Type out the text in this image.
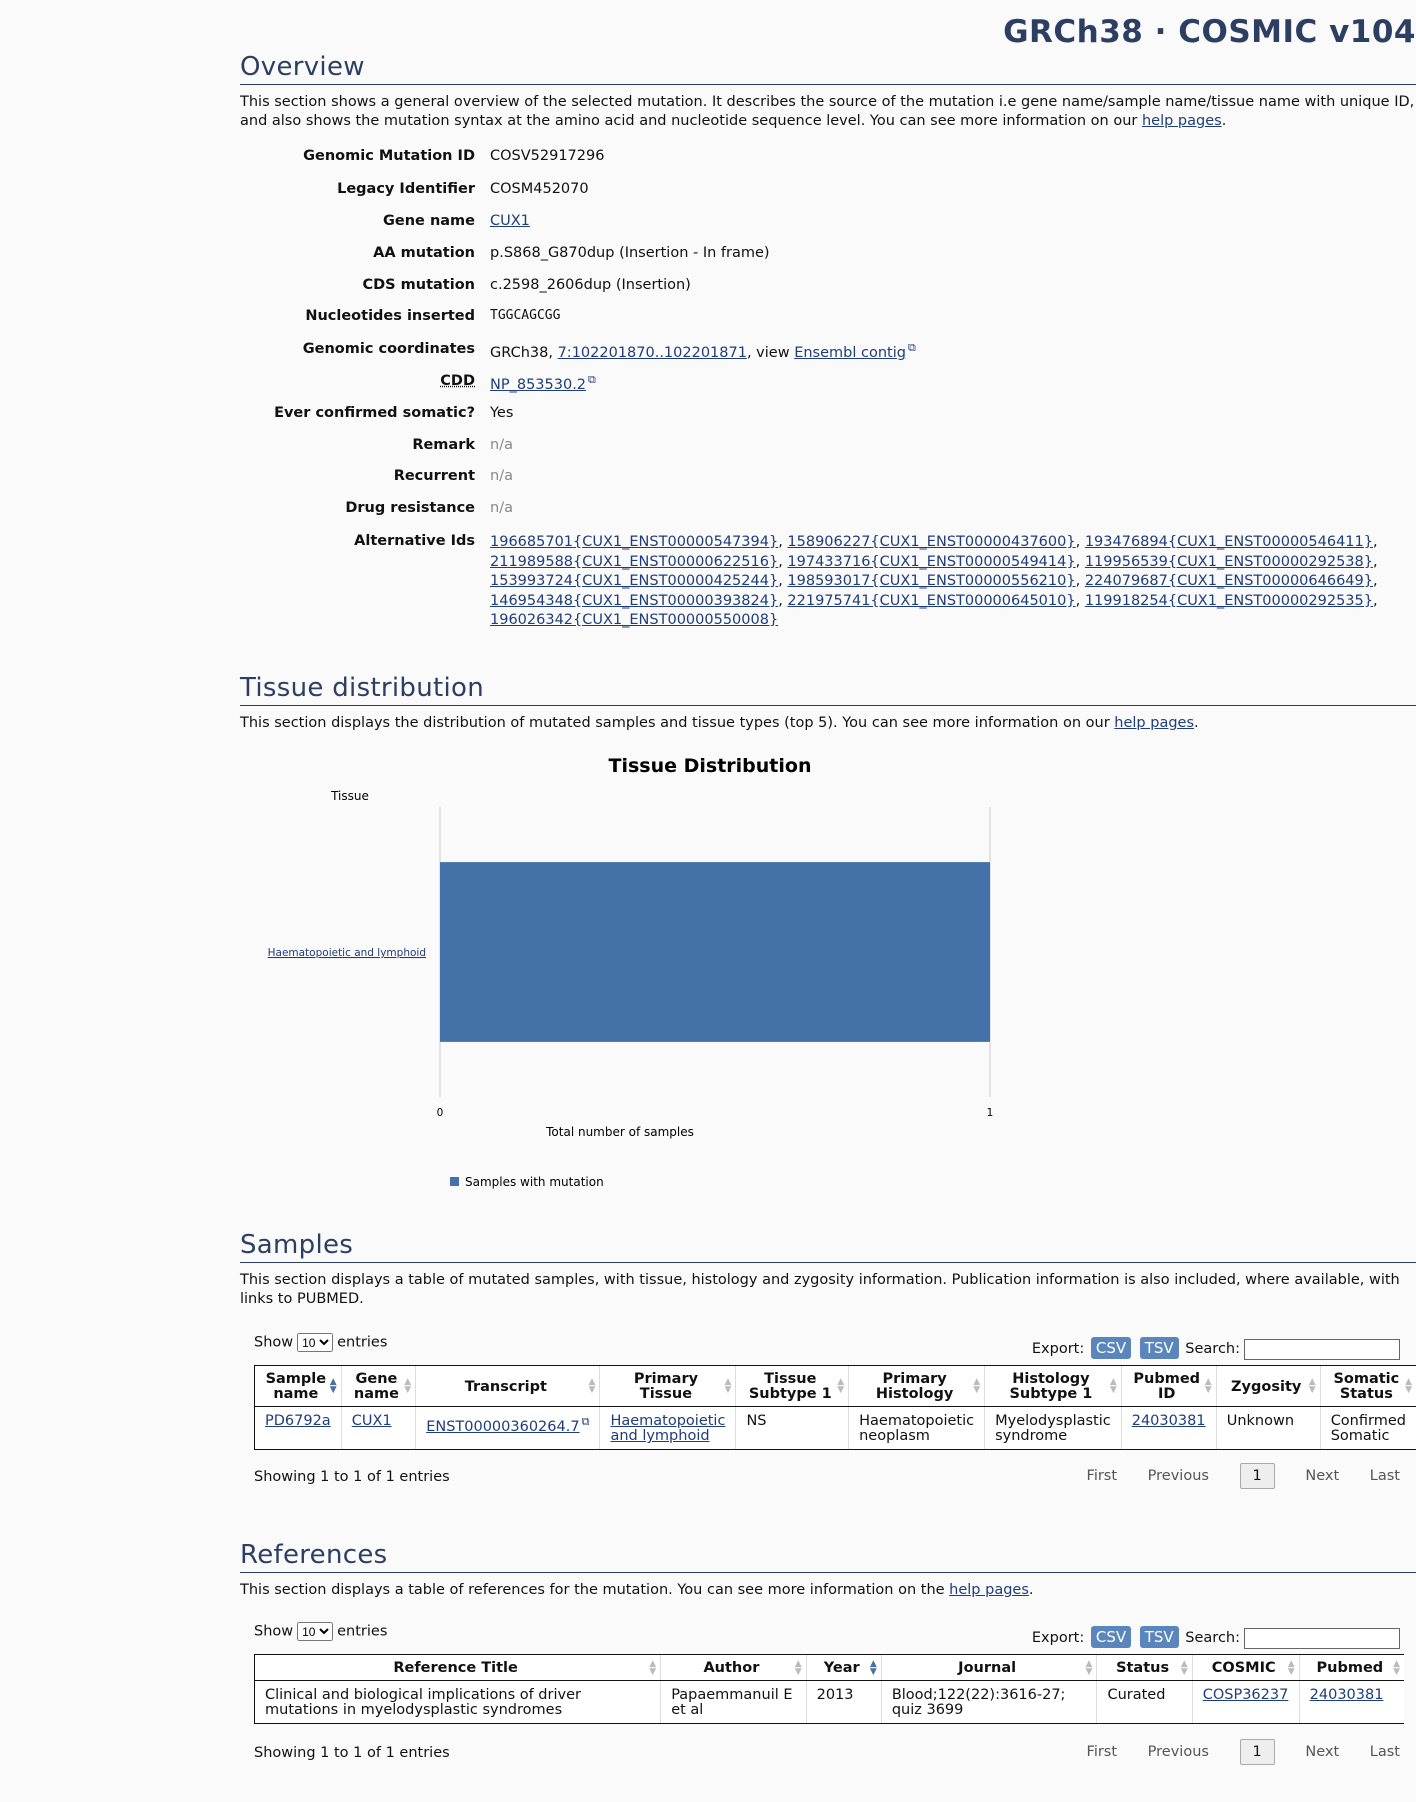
GRCh38 · COSMIC v104
Overview

This section shows a general overview of the selected mutation. It describes the source of the mutation i.e gene name/sample name/tissue name with unique ID, and also shows the mutation syntax at the amino acid and nucleotide sequence level. You can see more information on our help pages.

Genomic Mutation ID COSV52917296
Legacy Identifier COSM452070
Gene name CUX1
AA mutation p.S868_G870dup (Insertion - In frame)
CDS mutation c.2598_2606dup (Insertion)
Nucleotides inserted TGGCAGCGG
Genomic coordinates GRCh38, 7:102201870..102201871, view Ensembl contig ⧉
CDD NP_853530.2 ⧉
Ever confirmed somatic? Yes
Remark n/a
Recurrent n/a
Drug resistance n/a
Alternative Ids 196685701{CUX1_ENST00000547394}, 158906227{CUX1_ENST00000437600}, 193476894{CUX1_ENST00000546411},
211989588{CUX1_ENST00000622516}, 197433716{CUX1_ENST00000549414}, 119956539{CUX1_ENST00000292538},
153993724{CUX1_ENST00000425244}, 198593017{CUX1_ENST00000556210}, 224079687{CUX1_ENST00000646649},
146954348{CUX1_ENST00000393824}, 221975741{CUX1_ENST00000645010}, 119918254{CUX1_ENST00000292535},
196026342{CUX1_ENST00000550008}
Tissue distribution

This section displays the distribution of mutated samples and tissue types (top 5). You can see more information on our help pages.

Tissue Distribution
Tissue
Haematopoietic and lymphoid
0	1
Total number of samples
Samples with mutation
Samples

This section displays a table of mutated samples, with tissue, histology and zygosity information. Publication information is also included, where available, with links to PUBMED.

Show
10	entries	Export: CSV TSV Search:
Sample name
▲
▼	Gene name
▲
▼	Transcript ▲
▼	Primary Tissue
▲
▼	Tissue Subtype 1
▲
▼	Primary Histology
▲
▼	Histology Subtype 1
▲
▼	Pubmed ID
▲
▼	Zygosity ▲
▼	Somatic Status
▲
▼

PD6792a	CUX1	ENST00000360264.7 ⧉	Haematopoietic and lymphoid	NS	Haematopoietic neoplasm	Myelodysplastic syndrome	24030381	Unknown	Confirmed Somatic
Showing 1 to 1 of 1 entries	First Previous	1	Next Last
References

This section displays a table of references for the mutation. You can see more information on the help pages.

Show
10	entries	Export: CSV TSV Search:
Reference Title ▲
▼	Author ▲
▼	Year ▲
▼	Journal ▲
▼	Status ▲
▼	COSMIC ▲
▼	Pubmed ▲
▼

Clinical and biological implications of driver mutations in myelodysplastic syndromes	Papaemmanuil E et al	2013	Blood;122(22):3616-27; quiz 3699	Curated	COSP36237	24030381
Showing 1 to 1 of 1 entries	First Previous	1	Next Last
